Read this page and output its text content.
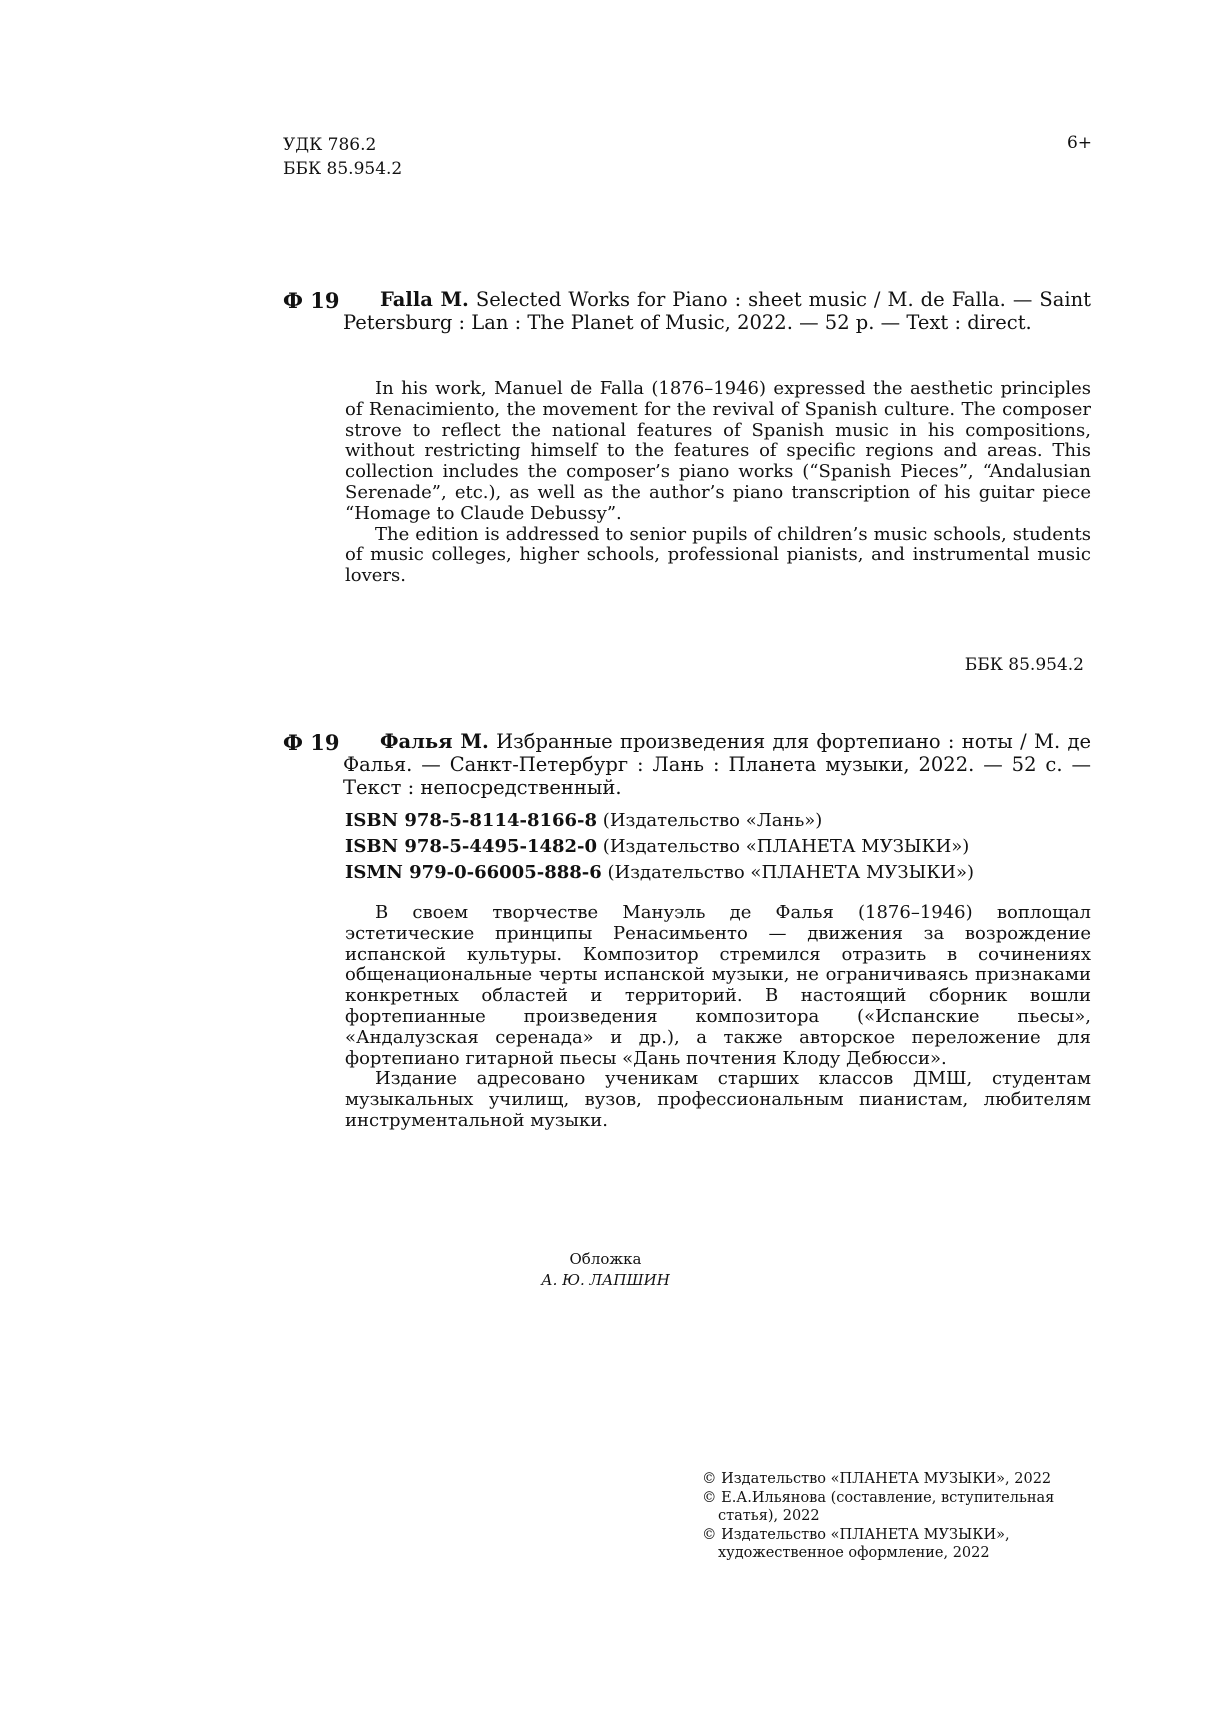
УДК 786.2
ББК 85.954.2
6+
Ф 19	Falla M. Selected Works for Piano : sheet music / M. de Falla. — Saint Petersburg : Lan : The Planet of Music, 2022. — 52 p. — Text : direct.

In his work, Manuel de Falla (1876–1946) expressed the aesthetic principles of Renacimiento, the movement for the revival of Spanish culture. The composer strove to reflect the national features of Spanish music in his compositions, without restricting himself to the features of specific regions and areas. This collection includes the composer’s piano works (“Spanish Pieces”, “Andalusian Serenade”, etc.), as well as the author’s piano transcription of his guitar piece “Homage to Claude Debussy”.

The edition is addressed to senior pupils of children’s music schools, students of music colleges, higher schools, professional pianists, and instrumental music lovers.

ББК 85.954.2
Ф 19	Фалья М. Избранные произведения для фортепиано : ноты / М. де Фалья. — Санкт-Петербург : Лань : Планета музыки, 2022. — 52 с. — Текст : непосредственный.

ISBN 978-5-8114-8166-8 (Издательство «Лань»)
ISBN 978-5-4495-1482-0 (Издательство «ПЛАНЕТА МУЗЫКИ»)
ISMN 979-0-66005-888-6 (Издательство «ПЛАНЕТА МУЗЫКИ»)

В своем творчестве Мануэль де Фалья (1876–1946) воплощал эстетические принципы Ренасимьенто — движения за возрождение испанской культуры. Композитор стремился отразить в сочинениях общенациональные черты испанской музыки, не ограничиваясь признаками конкретных областей и территорий. В настоящий сборник вошли фортепианные произведения композитора («Испанские пьесы», «Андалузская серенада» и др.), а также авторское переложение для фортепиано гитарной пьесы «Дань почтения Клоду Дебюсси».

Издание адресовано ученикам старших классов ДМШ, студентам музыкальных училищ, вузов, профессиональным пианистам, любителям инструментальной музыки.

Обложка
А. Ю. ЛАПШИН

© Издательство «ПЛАНЕТА МУЗЫКИ», 2022

© Е.А.Ильянова (составление, вступительная статья), 2022

© Издательство «ПЛАНЕТА МУЗЫКИ», художественное оформление, 2022
